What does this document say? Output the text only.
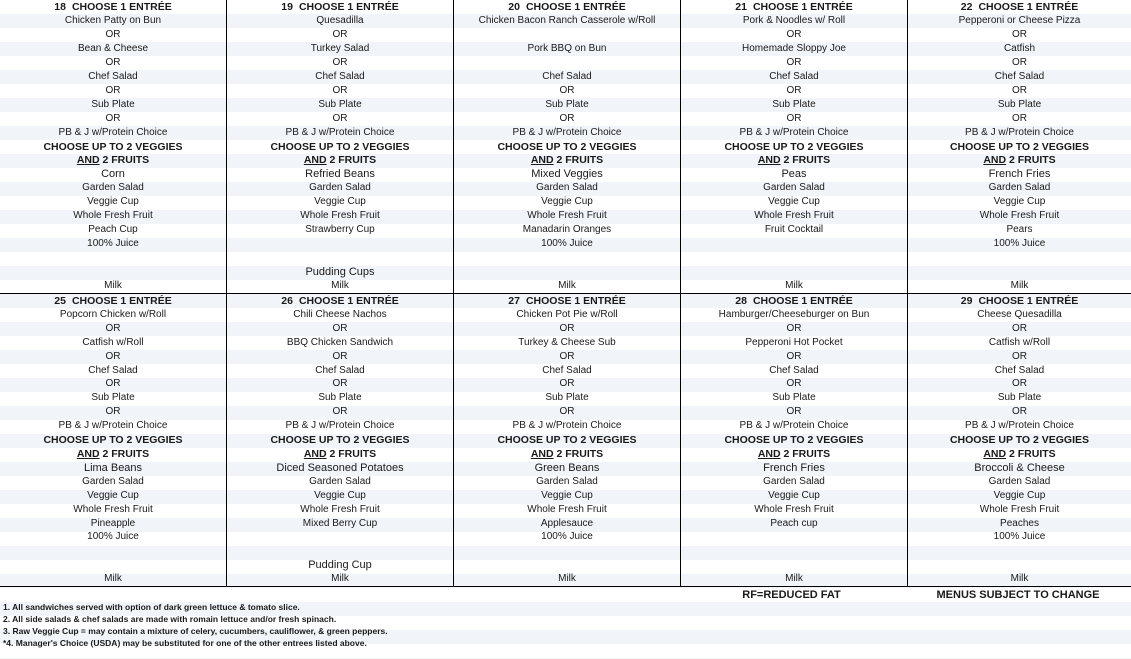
18 CHOOSE 1 ENTRÉE
Chicken Patty on Bun
OR
Bean & Cheese
OR
Chef Salad
OR
Sub Plate
OR
PB & J w/Protein Choice
CHOOSE UP TO 2 VEGGIES
AND 2 FRUITS
Corn
Garden Salad
Veggie Cup
Whole Fresh Fruit
Peach Cup
100% Juice
Milk
19 CHOOSE 1 ENTRÉE
Quesadilla
OR
Turkey Salad
OR
Chef Salad
OR
Sub Plate
OR
PB & J w/Protein Choice
CHOOSE UP TO 2 VEGGIES
AND 2 FRUITS
Refried Beans
Garden Salad
Veggie Cup
Whole Fresh Fruit
Strawberry Cup
Pudding Cups
Milk
20 CHOOSE 1 ENTRÉE
Chicken Bacon Ranch Casserole w/Roll
Pork BBQ on Bun
Chef Salad
OR
Sub Plate
OR
PB & J w/Protein Choice
CHOOSE UP TO 2 VEGGIES
AND 2 FRUITS
Mixed Veggies
Garden Salad
Veggie Cup
Whole Fresh Fruit
Manadarin Oranges
100% Juice
Milk
21 CHOOSE 1 ENTRÉE
Pork & Noodles w/ Roll
OR
Homemade Sloppy Joe
OR
Chef Salad
OR
Sub Plate
OR
PB & J w/Protein Choice
CHOOSE UP TO 2 VEGGIES
AND 2 FRUITS
Peas
Garden Salad
Veggie Cup
Whole Fresh Fruit
Fruit Cocktail
Milk
22 CHOOSE 1 ENTRÉE
Pepperoni or Cheese Pizza
OR
Catfish
OR
Chef Salad
OR
Sub Plate
OR
PB & J w/Protein Choice
CHOOSE UP TO 2 VEGGIES
AND 2 FRUITS
French Fries
Garden Salad
Veggie Cup
Whole Fresh Fruit
Pears
100% Juice
Milk
25 CHOOSE 1 ENTRÉE
Popcorn Chicken w/Roll
OR
Catfish w/Roll
OR
Chef Salad
OR
Sub Plate
OR
PB & J w/Protein Choice
CHOOSE UP TO 2 VEGGIES
AND 2 FRUITS
Lima Beans
Garden Salad
Veggie Cup
Whole Fresh Fruit
Pineapple
100% Juice
Milk
26 CHOOSE 1 ENTRÉE
Chili Cheese Nachos
OR
BBQ Chicken Sandwich
OR
Chef Salad
OR
Sub Plate
OR
PB & J w/Protein Choice
CHOOSE UP TO 2 VEGGIES
AND 2 FRUITS
Diced Seasoned Potatoes
Garden Salad
Veggie Cup
Whole Fresh Fruit
Mixed Berry Cup
Pudding Cup
Milk
27 CHOOSE 1 ENTRÉE
Chicken Pot Pie w/Roll
OR
Turkey & Cheese Sub
OR
Chef Salad
OR
Sub Plate
OR
PB & J w/Protein Choice
CHOOSE UP TO 2 VEGGIES
AND 2 FRUITS
Green Beans
Garden Salad
Veggie Cup
Whole Fresh Fruit
Applesauce
100% Juice
Milk
28 CHOOSE 1 ENTRÉE
Hamburger/Cheeseburger on Bun
OR
Pepperoni Hot Pocket
OR
Chef Salad
OR
Sub Plate
OR
PB & J w/Protein Choice
CHOOSE UP TO 2 VEGGIES
AND 2 FRUITS
French Fries
Garden Salad
Veggie Cup
Whole Fresh Fruit
Peach cup
Milk
29 CHOOSE 1 ENTRÉE
Cheese Quesadilla
OR
Catfish w/Roll
OR
Chef Salad
OR
Sub Plate
OR
PB & J w/Protein Choice
CHOOSE UP TO 2 VEGGIES
AND 2 FRUITS
Broccoli & Cheese
Garden Salad
Veggie Cup
Whole Fresh Fruit
Peaches
100% Juice
Milk
RF=REDUCED FAT	MENUS SUBJECT TO CHANGE
1. All sandwiches served with option of dark green lettuce & tomato slice.
2. All side salads & chef salads are made with romain lettuce and/or fresh spinach.
3. Raw Veggie Cup = may contain a mixture of celery, cucumbers, cauliflower, & green peppers.
*4. Manager's Choice (USDA) may be substituted for one of the other entrees listed above.
